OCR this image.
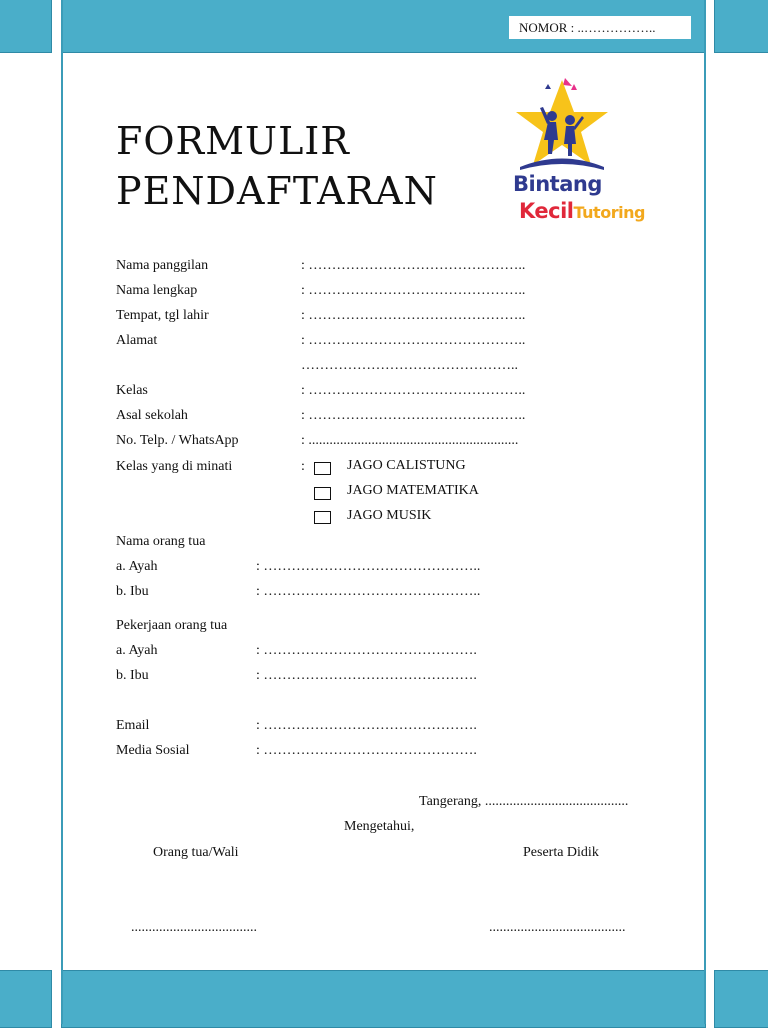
NOMOR : ..……………..
FORMULIR
PENDAFTARAN	Bintang
KecilTutoring
Nama panggilan	: ………………………………………..
Nama lengkap	: ………………………………………..
Tempat, tgl lahir	: ………………………………………..
Alamat	: ………………………………………..
………………………………………..
Kelas	: ………………………………………..
Asal sekolah	: ………………………………………..
No. Telp. / WhatsApp	: ............................................................
Kelas yang di minati	:	JAGO CALISTUNG
JAGO MATEMATIKA
JAGO MUSIK
Nama orang tua
a. Ayah	: ………………………………………..
b. Ibu	: ………………………………………..
Pekerjaan orang tua
a. Ayah	: ……………………………………….
b. Ibu	: ……………………………………….
Email	: ……………………………………….
Media Sosial	: ……………………………………….
Tangerang, .........................................
Mengetahui,
Orang tua/Wali	Peserta Didik
....................................	.......................................
